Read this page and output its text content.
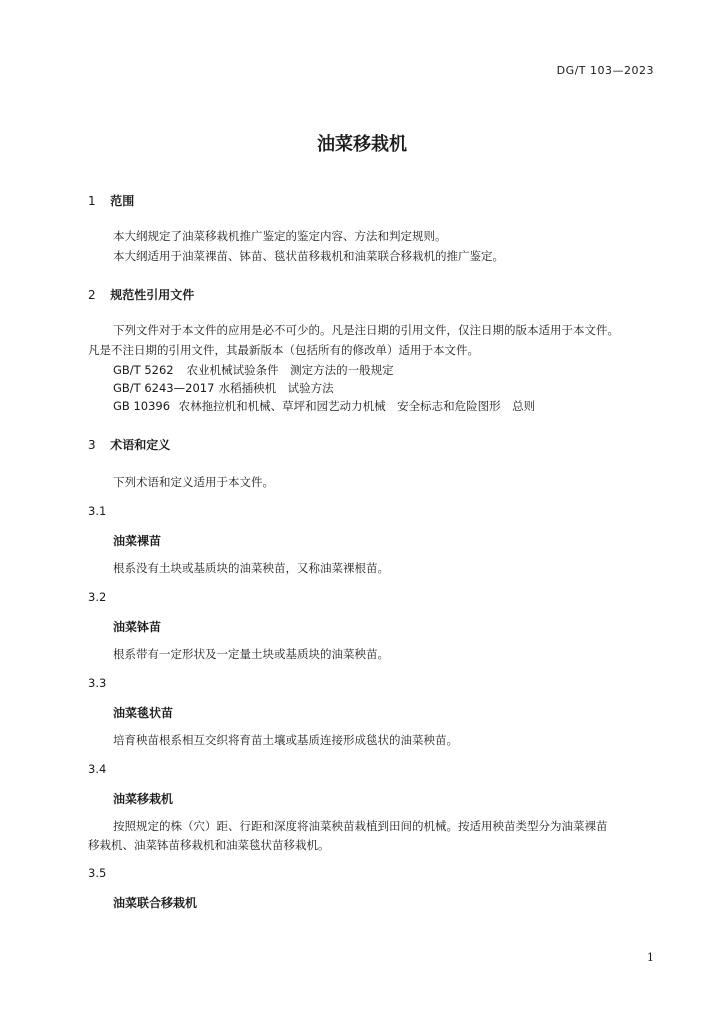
DG/T 103—2023
油菜移栽机
1 范围
本大纲规定了油菜移栽机推广鉴定的鉴定内容、方法和判定规则。
本大纲适用于油菜裸苗、钵苗、毯状苗移栽机和油菜联合移栽机的推广鉴定。
2 规范性引用文件
下列文件对于本文件的应用是必不可少的。凡是注日期的引用文件，仅注日期的版本适用于本文件。
凡是不注日期的引用文件，其最新版本（包括所有的修改单）适用于本文件。
GB/T 5262 农业机械试验条件　测定方法的一般规定
GB/T 6243—2017 水稻插秧机　试验方法
GB 10396 农林拖拉机和机械、草坪和园艺动力机械　安全标志和危险图形　总则
3 术语和定义
下列术语和定义适用于本文件。
3.1
油菜裸苗
根系没有土块或基质块的油菜秧苗，又称油菜裸根苗。
3.2
油菜钵苗
根系带有一定形状及一定量土块或基质块的油菜秧苗。
3.3
油菜毯状苗
培育秧苗根系相互交织将育苗土壤或基质连接形成毯状的油菜秧苗。
3.4
油菜移栽机
按照规定的株（穴）距、行距和深度将油菜秧苗栽植到田间的机械。按适用秧苗类型分为油菜裸苗
移栽机、油菜钵苗移栽机和油菜毯状苗移栽机。
3.5
油菜联合移栽机
1
